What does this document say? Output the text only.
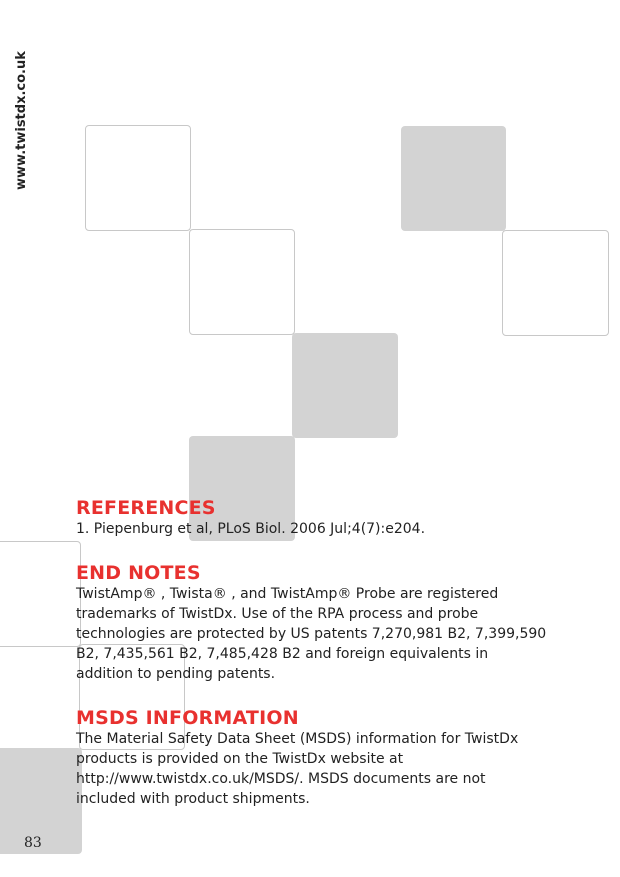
www.twistdx.co.uk
REFERENCES

1. Piepenburg et al, PLoS Biol. 2006 Jul;4(7):e204.

END NOTES

TwistAmp® , Twista® , and TwistAmp® Probe are registered trademarks of TwistDx. Use of the RPA process and probe technologies are protected by US patents 7,270,981 B2, 7,399,590 B2, 7,435,561 B2, 7,485,428 B2 and foreign equivalents in addition to pending patents.

MSDS INFORMATION

The Material Safety Data Sheet (MSDS) information for TwistDx products is provided on the TwistDx website at http://www.twistdx.co.uk/MSDS/. MSDS documents are not included with product shipments.

83
